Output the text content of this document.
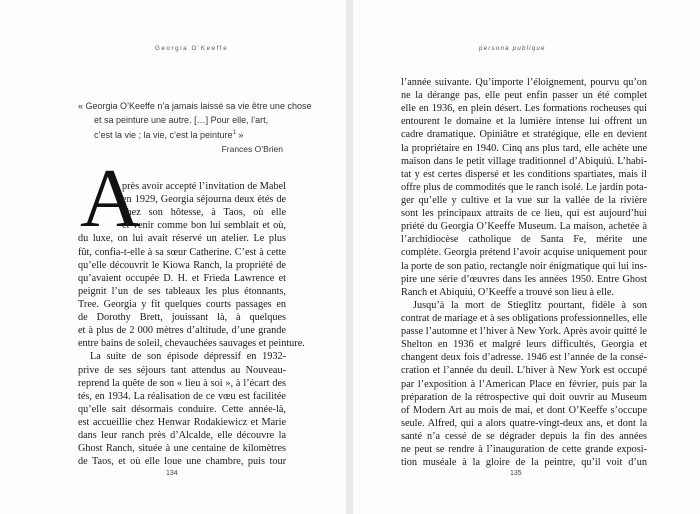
Georgia O’Keeffe
« Georgia O’Keeffe n’a jamais laissé sa vie être une chose
et sa peinture une autre. […] Pour elle, l’art,
c’est la vie ; la vie, c’est la peinture$^1$ »
Frances O’Brien
A
près avoir accepté l’invitation de Mabel
en 1929, Georgia séjourna deux étés de
chez son hôtesse, à Taos, où elle
et venir comme bon lui semblait et où,
du luxe, on lui avait réservé un atelier. Le plus
fût, confia-t-elle à sa sœur Catherine. C’est à cette
qu’elle découvrit le Kiowa Ranch, la propriété de
qu’avaient occupée D. H. et Frieda Lawrence et
peignit l’un de ses tableaux les plus étonnants,
Tree. Georgia y fit quelques courts passages en
de Dorothy Brett, jouissant là, à quelques
et à plus de 2 000 mètres d’altitude, d’une grande
entre bains de soleil, chevauchées sauvages et peinture.
La suite de son épisode dépressif en 1932-
prive de ses séjours tant attendus au Nouveau-
reprend la quête de son « lieu à soi », à l’écart des
tés, en 1934. La réalisation de ce vœu est facilitée
qu’elle sait désormais conduire. Cette année-là,
est accueillie chez Henwar Rodakiewicz et Marie
dans leur ranch près d’Alcalde, elle découvre la
Ghost Ranch, située à une centaine de kilomètres
de Taos, et où elle loue une chambre, puis tour
134
persona publique
l’année suivante. Qu’importe l’éloignement, pourvu qu’on
ne la dérange pas, elle peut enfin passer un été complet
elle en 1936, en plein désert. Les formations rocheuses qui
entourent le domaine et la lumière intense lui offrent un
cadre dramatique. Opiniâtre et stratégique, elle en devient
la propriétaire en 1940. Cinq ans plus tard, elle achète une
maison dans le petit village traditionnel d’Abiquiú. L’habi-
tat y est certes dispersé et les conditions spartiates, mais il
offre plus de commodités que le ranch isolé. Le jardin pota-
ger qu’elle y cultive et la vue sur la vallée de la rivière
sont les principaux attraits de ce lieu, qui est aujourd’hui
priété du Georgia O’Keeffe Museum. La maison, achetée à
l’archidiocèse catholique de Santa Fe, mérite une
complète. Georgia prétend l’avoir acquise uniquement pour
la porte de son patio, rectangle noir énigmatique qui lui ins-
pire une série d’œuvres dans les années 1950. Entre Ghost
Ranch et Abiquiú, O’Keeffe a trouvé son lieu à elle.
Jusqu’à la mort de Stieglitz pourtant, fidèle à son
contrat de mariage et à ses obligations professionnelles, elle
passe l’automne et l’hiver à New York. Après avoir quitté le
Shelton en 1936 et malgré leurs difficultés, Georgia et
changent deux fois d’adresse. 1946 est l’année de la consé-
cration et l’année du deuil. L’hiver à New York est occupé
par l’exposition à l’American Place en février, puis par la
préparation de la rétrospective qui doit ouvrir au Museum
of Modern Art au mois de mai, et dont O’Keeffe s’occupe
seule. Alfred, qui a alors quatre-vingt-deux ans, et dont la
santé n’a cessé de se dégrader depuis la fin des années
ne peut se rendre à l’inauguration de cette grande exposi-
tion muséale à la gloire de la peintre, qu’il voit d’un
135
